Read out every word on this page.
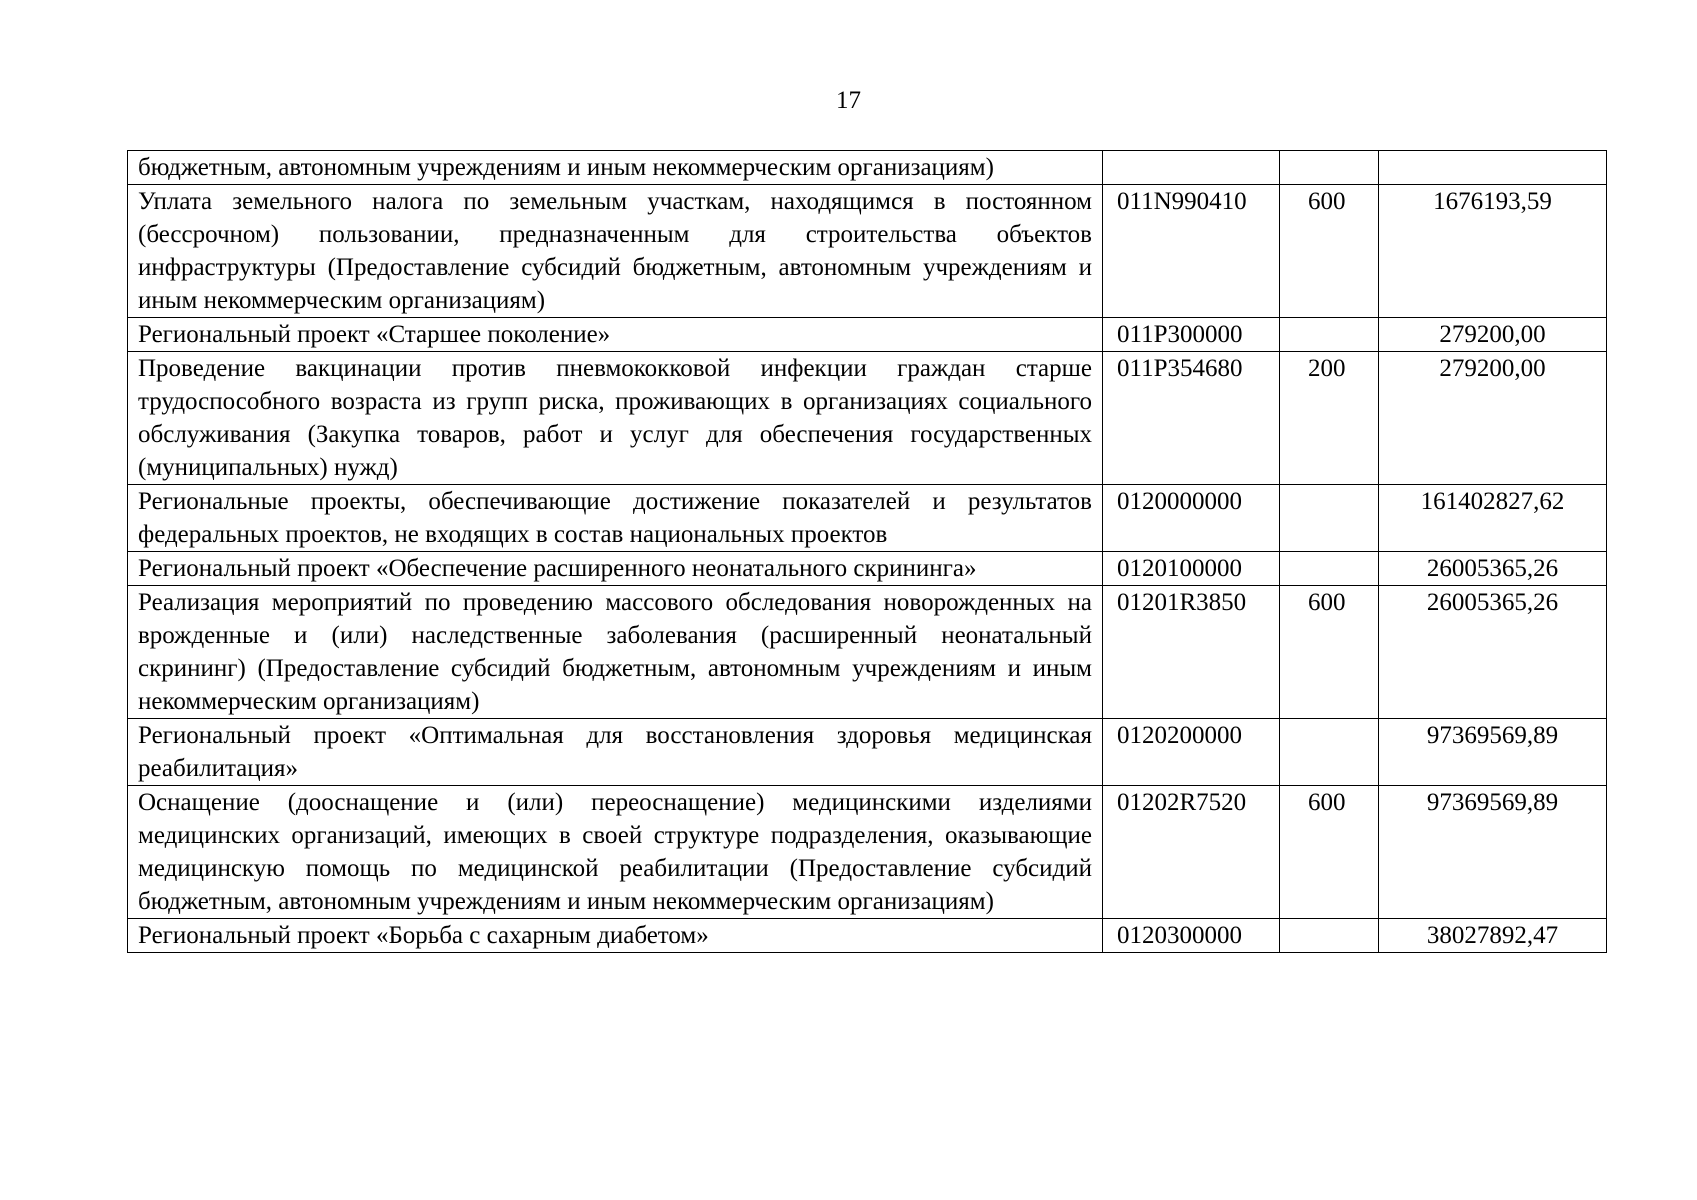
17
бюджетным, автономным учреждениям и иным некоммерческим организациям)			
Уплата земельного налога по земельным участкам, находящимся в постоянном (бессрочном) пользовании, предназначенным для строительства объектов инфраструктуры (Предоставление субсидий бюджетным, автономным учреждениям и иным некоммерческим организациям)	011N990410	600	1676193,59
Региональный проект «Старшее поколение»	011P300000		279200,00
Проведение вакцинации против пневмококковой инфекции граждан старше трудоспособного возраста из групп риска, проживающих в организациях социального обслуживания (Закупка товаров, работ и услуг для обеспечения государственных (муниципальных) нужд)	011P354680	200	279200,00
Региональные проекты, обеспечивающие достижение показателей и результатов федеральных проектов, не входящих в состав национальных проектов	0120000000		161402827,62
Региональный проект «Обеспечение расширенного неонатального скрининга»	0120100000		26005365,26
Реализация мероприятий по проведению массового обследования новорожденных на врожденные и (или) наследственные заболевания (расширенный неонатальный скрининг) (Предоставление субсидий бюджетным, автономным учреждениям и иным некоммерческим организациям)	01201R3850	600	26005365,26
Региональный проект «Оптимальная для восстановления здоровья медицинская реабилитация»	0120200000		97369569,89
Оснащение (дооснащение и (или) переоснащение) медицинскими изделиями медицинских организаций, имеющих в своей структуре подразделения, оказывающие медицинскую помощь по медицинской реабилитации (Предоставление субсидий бюджетным, автономным учреждениям и иным некоммерческим организациям)	01202R7520	600	97369569,89
Региональный проект «Борьба с сахарным диабетом»	0120300000		38027892,47
